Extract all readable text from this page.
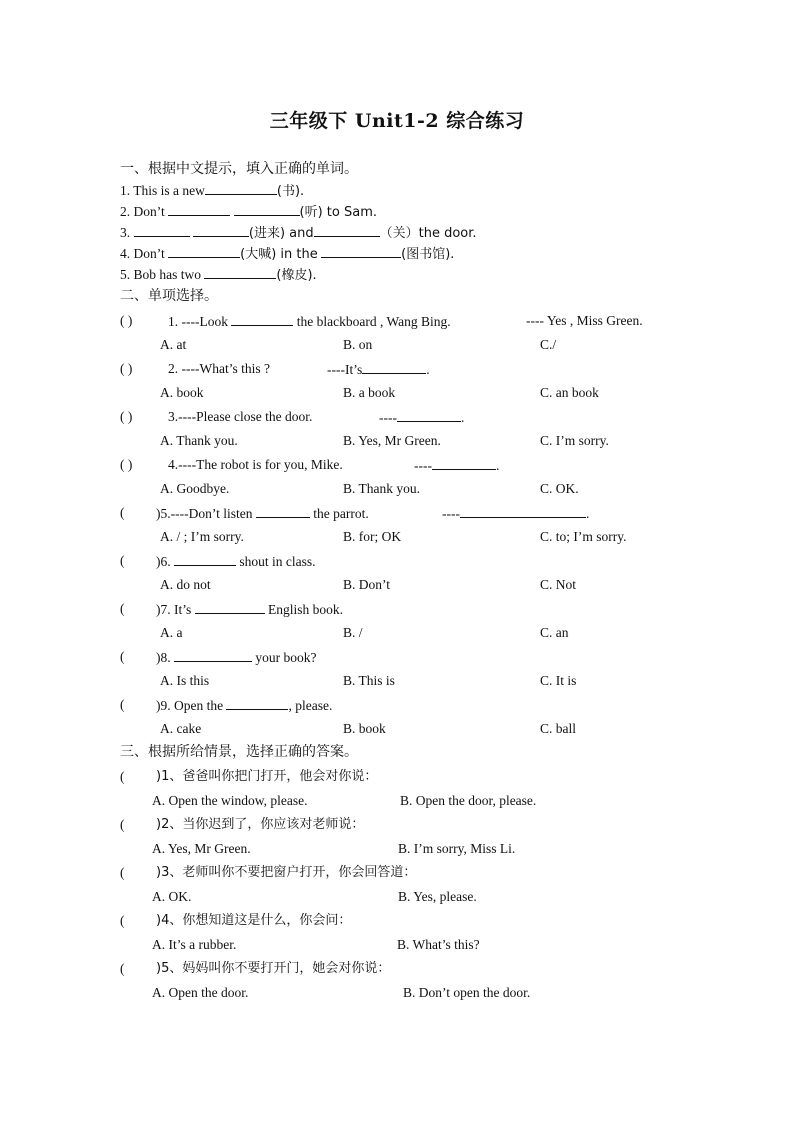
三年级下 Unit1-2 综合练习
一、根据中文提示，填入正确的单词。
1. This is a new	(书).
2. Don’t	(听) to Sam.
3.	(进来) and	（关）the door.
4. Don’t	(大喊) in the	(图书馆).
5. Bob has two	(橡皮).
二、单项选择。
( )	1. ----Look	the blackboard , Wang Bing.	---- Yes , Miss Green.
A. at	B. on	C./
( )	2. ----What’s this ?	----It’s	.
A. book	B. a book	C. an book
( )	3.----Please close the door.	----	.
A. Thank you.	B. Yes, Mr Green.	C. I’m sorry.
( )	4.----The robot is for you, Mike.	----	.
A. Goodbye.	B. Thank you.	C. OK.
(	)5.----Don’t listen	the parrot.	----	.
A. / ; I’m sorry.	B. for; OK	C. to; I’m sorry.
( )6.	shout in class.
A. do not	B. Don’t	C. Not
( )7. It’s	English book.
A. a	B. /	C. an
( )8.	your book?
A. Is this	B. This is	C. It is
( )9. Open the	, please.
A. cake	B. book	C. ball
三、根据所给情景，选择正确的答案。
( )1、爸爸叫你把门打开，他会对你说：
A. Open the window, please.	B. Open the door, please.
( )2、当你迟到了，你应该对老师说：
A. Yes, Mr Green.	B. I’m sorry, Miss Li.
( )3、老师叫你不要把窗户打开，你会回答道：
A. OK.	B. Yes, please.
( )4、你想知道这是什么，你会问：
A. It’s a rubber.	B. What’s this?
( )5、妈妈叫你不要打开门，她会对你说：
A. Open the door.	B. Don’t open the door.
